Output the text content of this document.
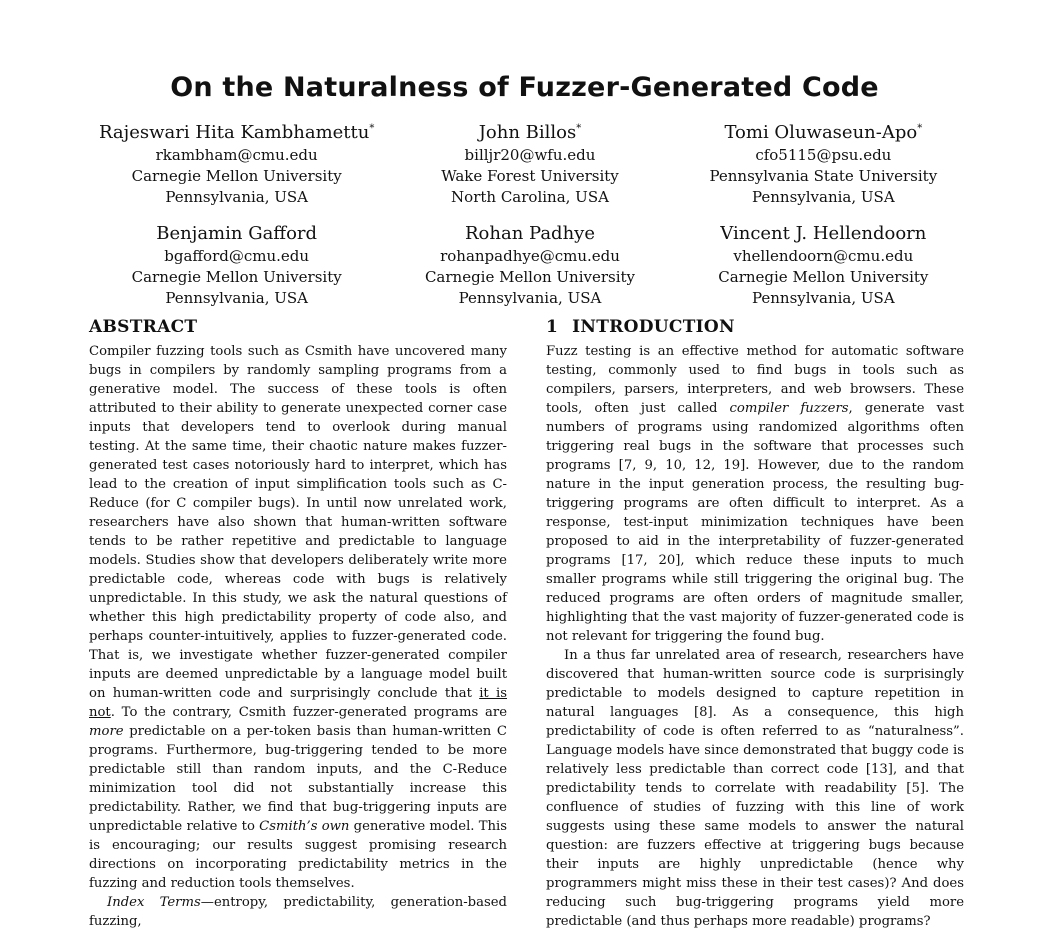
On the Naturalness of Fuzzer-Generated Code
Rajeswari Hita Kambhamettu*
rkambham@cmu.edu
Carnegie Mellon University
Pennsylvania, USA
John Billos*
billjr20@wfu.edu
Wake Forest University
North Carolina, USA
Tomi Oluwaseun-Apo*
cfo5115@psu.edu
Pennsylvania State University
Pennsylvania, USA
Benjamin Gafford
bgafford@cmu.edu
Carnegie Mellon University
Pennsylvania, USA
Rohan Padhye
rohanpadhye@cmu.edu
Carnegie Mellon University
Pennsylvania, USA
Vincent J. Hellendoorn
vhellendoorn@cmu.edu
Carnegie Mellon University
Pennsylvania, USA
ABSTRACT

Compiler fuzzing tools such as Csmith have uncovered many bugs in compilers by randomly sampling programs from a generative model. The success of these tools is often attributed to their ability to generate unexpected corner case inputs that developers tend to overlook during manual testing. At the same time, their chaotic nature makes fuzzer-generated test cases notoriously hard to interpret, which has lead to the creation of input simplification tools such as C-Reduce (for C compiler bugs). In until now unrelated work, researchers have also shown that human-written software tends to be rather repetitive and predictable to language models. Studies show that developers deliberately write more predictable code, whereas code with bugs is relatively unpredictable. In this study, we ask the natural questions of whether this high predictability property of code also, and perhaps counter-intuitively, applies to fuzzer-generated code. That is, we investigate whether fuzzer-generated compiler inputs are deemed unpredictable by a language model built on human-written code and surprisingly conclude that it is not. To the contrary, Csmith fuzzer-generated programs are more predictable on a per-token basis than human-written C programs. Furthermore, bug-triggering tended to be more predictable still than random inputs, and the C-Reduce minimization tool did not substantially increase this predictability. Rather, we find that bug-triggering inputs are unpredictable relative to Csmith’s own generative model. This is encouraging; our results suggest promising research directions on incorporating predictability metrics in the fuzzing and reduction tools themselves.

Index Terms—entropy, predictability, generation-based fuzzing,

1 INTRODUCTION

Fuzz testing is an effective method for automatic software testing, commonly used to find bugs in tools such as compilers, parsers, interpreters, and web browsers. These tools, often just called compiler fuzzers, generate vast numbers of programs using randomized algorithms often triggering real bugs in the software that processes such programs [7, 9, 10, 12, 19]. However, due to the random nature in the input generation process, the resulting bug-triggering programs are often difficult to interpret. As a response, test-input minimization techniques have been proposed to aid in the interpretability of fuzzer-generated programs [17, 20], which reduce these inputs to much smaller programs while still triggering the original bug. The reduced programs are often orders of magnitude smaller, highlighting that the vast majority of fuzzer-generated code is not relevant for triggering the found bug.

In a thus far unrelated area of research, researchers have discovered that human-written source code is surprisingly predictable to models designed to capture repetition in natural languages [8]. As a consequence, this high predictability of code is often referred to as “naturalness”. Language models have since demonstrated that buggy code is relatively less predictable than correct code [13], and that predictability tends to correlate with readability [5]. The confluence of studies of fuzzing with this line of work suggests using these same models to answer the natural question: are fuzzers effective at triggering bugs because their inputs are highly unpredictable (hence why programmers might miss these in their test cases)? And does reducing such bug-triggering programs yield more predictable (and thus perhaps more readable) programs?
